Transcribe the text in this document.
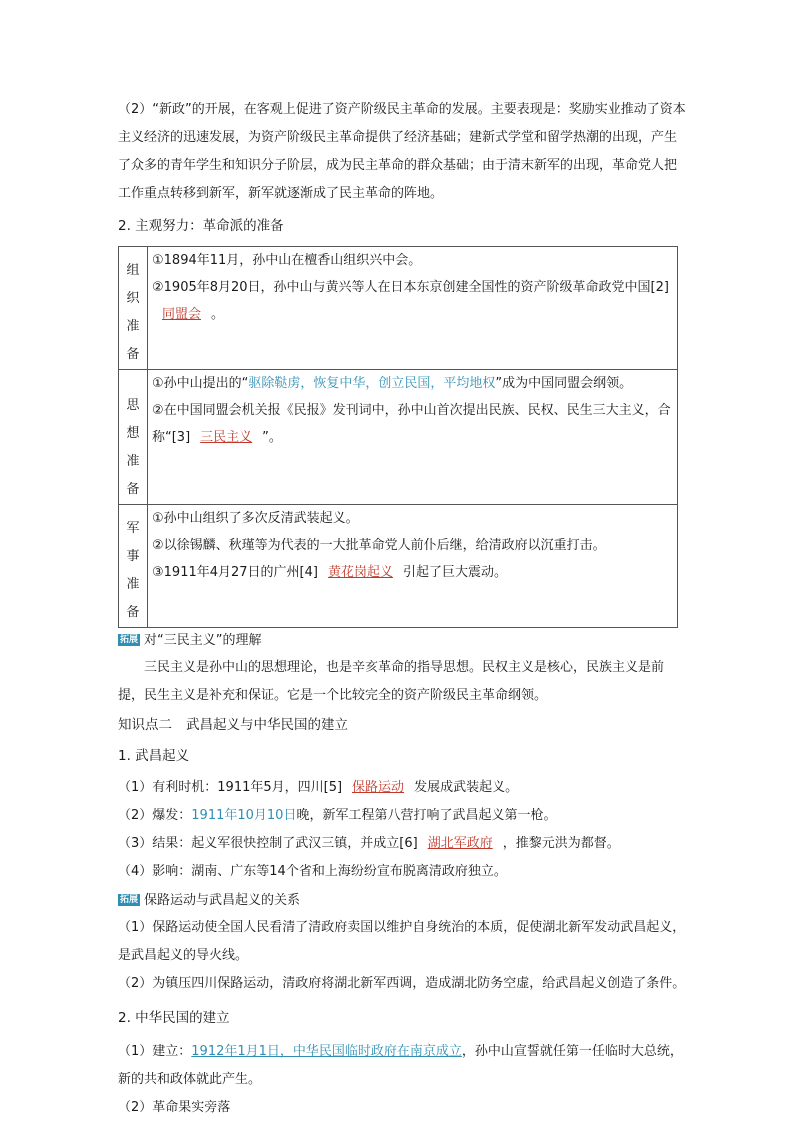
（2）“新政”的开展，在客观上促进了资产阶级民主革命的发展。主要表现是：奖励实业推动了资本主义经济的迅速发展，为资产阶级民主革命提供了经济基础；建新式学堂和留学热潮的出现，产生了众多的青年学生和知识分子阶层，成为民主革命的群众基础；由于清末新军的出现，革命党人把工作重点转移到新军，新军就逐渐成了民主革命的阵地。

2. 主观努力：革命派的准备

组织准备	①1894年11月，孙中山在檀香山组织兴中会。
②1905年8月20日，孙中山与黄兴等人在日本东京创建全国性的资产阶级革命政党中国[2]同盟会 。

思想准备	①孙中山提出的“驱除鞑虏，恢复中华，创立民国，平均地权”成为中国同盟会纲领。
②在中国同盟会机关报《民报》发刊词中，孙中山首次提出民族、民权、民生三大主义，合称“[3] 三民主义 ”。

军事准备	①孙中山组织了多次反清武装起义。
②以徐锡麟、秋瑾等为代表的一大批革命党人前仆后继，给清政府以沉重打击。
③1911年4月27日的广州[4] 黄花岗起义 引起了巨大震动。

拓展 对“三民主义”的理解

三民主义是孙中山的思想理论，也是辛亥革命的指导思想。民权主义是核心，民族主义是前提，民生主义是补充和保证。它是一个比较完全的资产阶级民主革命纲领。

知识点二 武昌起义与中华民国的建立

1. 武昌起义

（1）有利时机：1911年5月，四川[5] 保路运动 发展成武装起义。

（2）爆发：1911年10月10日晚，新军工程第八营打响了武昌起义第一枪。

（3）结果：起义军很快控制了武汉三镇，并成立[6] 湖北军政府 ，推黎元洪为都督。

（4）影响：湖南、广东等14个省和上海纷纷宣布脱离清政府独立。

拓展 保路运动与武昌起义的关系

（1）保路运动使全国人民看清了清政府卖国以维护自身统治的本质，促使湖北新军发动武昌起义，是武昌起义的导火线。

（2）为镇压四川保路运动，清政府将湖北新军西调，造成湖北防务空虚，给武昌起义创造了条件。

2. 中华民国的建立

（1）建立：1912年1月1日，中华民国临时政府在南京成立，孙中山宣誓就任第一任临时大总统，新的共和政体就此产生。

（2）革命果实旁落
